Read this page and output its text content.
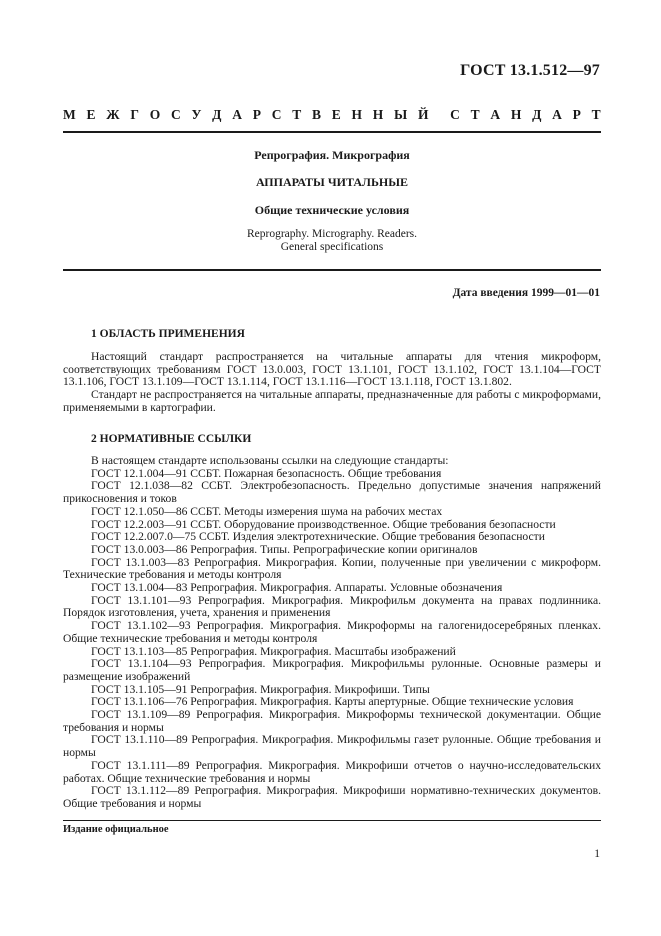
ГОСТ 13.1.512—97
М Е Ж Г О С У Д А Р С Т В Е Н Н Ы Й С Т А Н Д А Р Т
Репрография. Микрография
АППАРАТЫ ЧИТАЛЬНЫЕ
Общие технические условия
Reprography. Micrography. Readers.
General specifications
Дата введения 1999—01—01
1 ОБЛАСТЬ ПРИМЕНЕНИЯ

Настоящий стандарт распространяется на читальные аппараты для чтения микроформ, соответствующих требованиям ГОСТ 13.0.003, ГОСТ 13.1.101, ГОСТ 13.1.102, ГОСТ 13.1.104—ГОСТ 13.1.106, ГОСТ 13.1.109—ГОСТ 13.1.114, ГОСТ 13.1.116—ГОСТ 13.1.118, ГОСТ 13.1.802.

Стандарт не распространяется на читальные аппараты, предназначенные для работы с микроформами, применяемыми в картографии.

2 НОРМАТИВНЫЕ ССЫЛКИ

В настоящем стандарте использованы ссылки на следующие стандарты:

ГОСТ 12.1.004—91 ССБТ. Пожарная безопасность. Общие требования

ГОСТ 12.1.038—82 ССБТ. Электробезопасность. Предельно допустимые значения напряжений прикосновения и токов

ГОСТ 12.1.050—86 ССБТ. Методы измерения шума на рабочих местах

ГОСТ 12.2.003—91 ССБТ. Оборудование производственное. Общие требования безопасности

ГОСТ 12.2.007.0—75 ССБТ. Изделия электротехнические. Общие требования безопасности

ГОСТ 13.0.003—86 Репрография. Типы. Репрографические копии оригиналов

ГОСТ 13.1.003—83 Репрография. Микрография. Копии, полученные при увеличении с микроформ. Технические требования и методы контроля

ГОСТ 13.1.004—83 Репрография. Микрография. Аппараты. Условные обозначения

ГОСТ 13.1.101—93 Репрография. Микрография. Микрофильм документа на правах подлинника. Порядок изготовления, учета, хранения и применения

ГОСТ 13.1.102—93 Репрография. Микрография. Микроформы на галогенидосеребряных пленках. Общие технические требования и методы контроля

ГОСТ 13.1.103—85 Репрография. Микрография. Масштабы изображений

ГОСТ 13.1.104—93 Репрография. Микрография. Микрофильмы рулонные. Основные размеры и размещение изображений

ГОСТ 13.1.105—91 Репрография. Микрография. Микрофиши. Типы

ГОСТ 13.1.106—76 Репрография. Микрография. Карты апертурные. Общие технические условия

ГОСТ 13.1.109—89 Репрография. Микрография. Микроформы технической документации. Общие требования и нормы

ГОСТ 13.1.110—89 Репрография. Микрография. Микрофильмы газет рулонные. Общие требования и нормы

ГОСТ 13.1.111—89 Репрография. Микрография. Микрофиши отчетов о научно-исследовательских работах. Общие технические требования и нормы

ГОСТ 13.1.112—89 Репрография. Микрография. Микрофиши нормативно-технических документов. Общие требования и нормы

Издание официальное
1
